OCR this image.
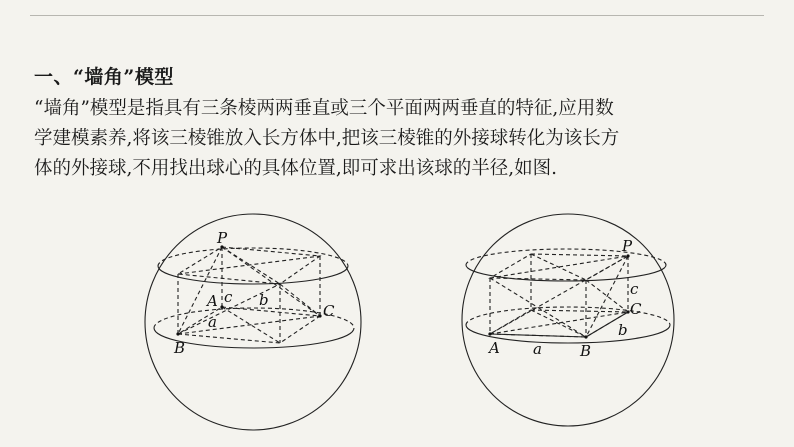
一、“墙角”模型
“墙角”模型是指具有三条棱两两垂直或三个平面两两垂直的特征,应用数
学建模素养,将该三棱锥放入长方体中,把该三棱锥的外接球转化为该长方
体的外接球,不用找出球心的具体位置,即可求出该球的半径,如图.
P
A c b
C
a
B
P
c
C
b
A a	B
